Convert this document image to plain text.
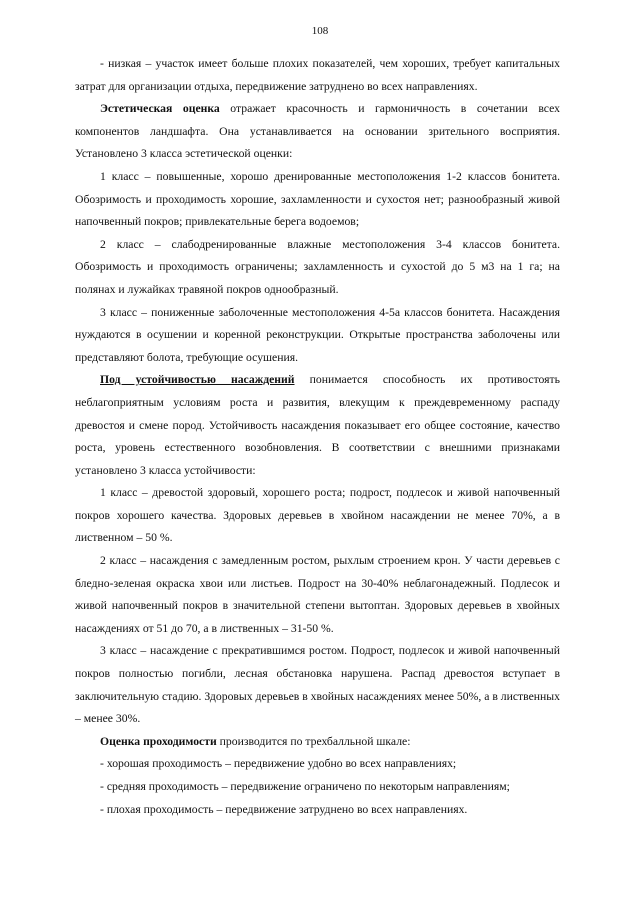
108

- низкая – участок имеет больше плохих показателей, чем хороших, требует капитальных затрат для организации отдыха, передвижение затруднено во всех направлениях.

Эстетическая оценка отражает красочность и гармоничность в сочетании всех компонентов ландшафта. Она устанавливается на основании зрительного восприятия. Установлено 3 класса эстетической оценки:

1 класс – повышенные, хорошо дренированные местоположения 1-2 классов бонитета. Обозримость и проходимость хорошие, захламленности и сухостоя нет; разнообразный живой напочвенный покров; привлекательные берега водоемов;

2 класс – слабодренированные влажные местоположения 3-4 классов бонитета. Обозримость и проходимость ограничены; захламленность и сухостой до 5 м3 на 1 га; на полянах и лужайках травяной покров однообразный.

3 класс – пониженные заболоченные местоположения 4-5а классов бонитета. Насаждения нуждаются в осушении и коренной реконструкции. Открытые пространства заболочены или представляют болота, требующие осушения.

Под устойчивостью насаждений понимается способность их противостоять неблагоприятным условиям роста и развития, влекущим к преждевременному распаду древостоя и смене пород. Устойчивость насаждения показывает его общее состояние, качество роста, уровень естественного возобновления. В соответствии с внешними признаками установлено 3 класса устойчивости:

1 класс – древостой здоровый, хорошего роста; подрост, подлесок и живой напочвенный покров хорошего качества. Здоровых деревьев в хвойном насаждении не менее 70%, а в лиственном – 50 %.

2 класс – насаждения с замедленным ростом, рыхлым строением крон. У части деревьев с бледно-зеленая окраска хвои или листьев. Подрост на 30-40% неблагонадежный. Подлесок и живой напочвенный покров в значительной степени вытоптан. Здоровых деревьев в хвойных насаждениях от 51 до 70, а в лиственных – 31-50 %.

3 класс – насаждение с прекратившимся ростом. Подрост, подлесок и живой напочвенный покров полностью погибли, лесная обстановка нарушена. Распад древостоя вступает в заключительную стадию. Здоровых деревьев в хвойных насаждениях менее 50%, а в лиственных – менее 30%.

Оценка проходимости производится по трехбалльной шкале:

- хорошая проходимость – передвижение удобно во всех направлениях;

- средняя проходимость – передвижение ограничено по некоторым направлениям;

- плохая проходимость – передвижение затруднено во всех направлениях.
